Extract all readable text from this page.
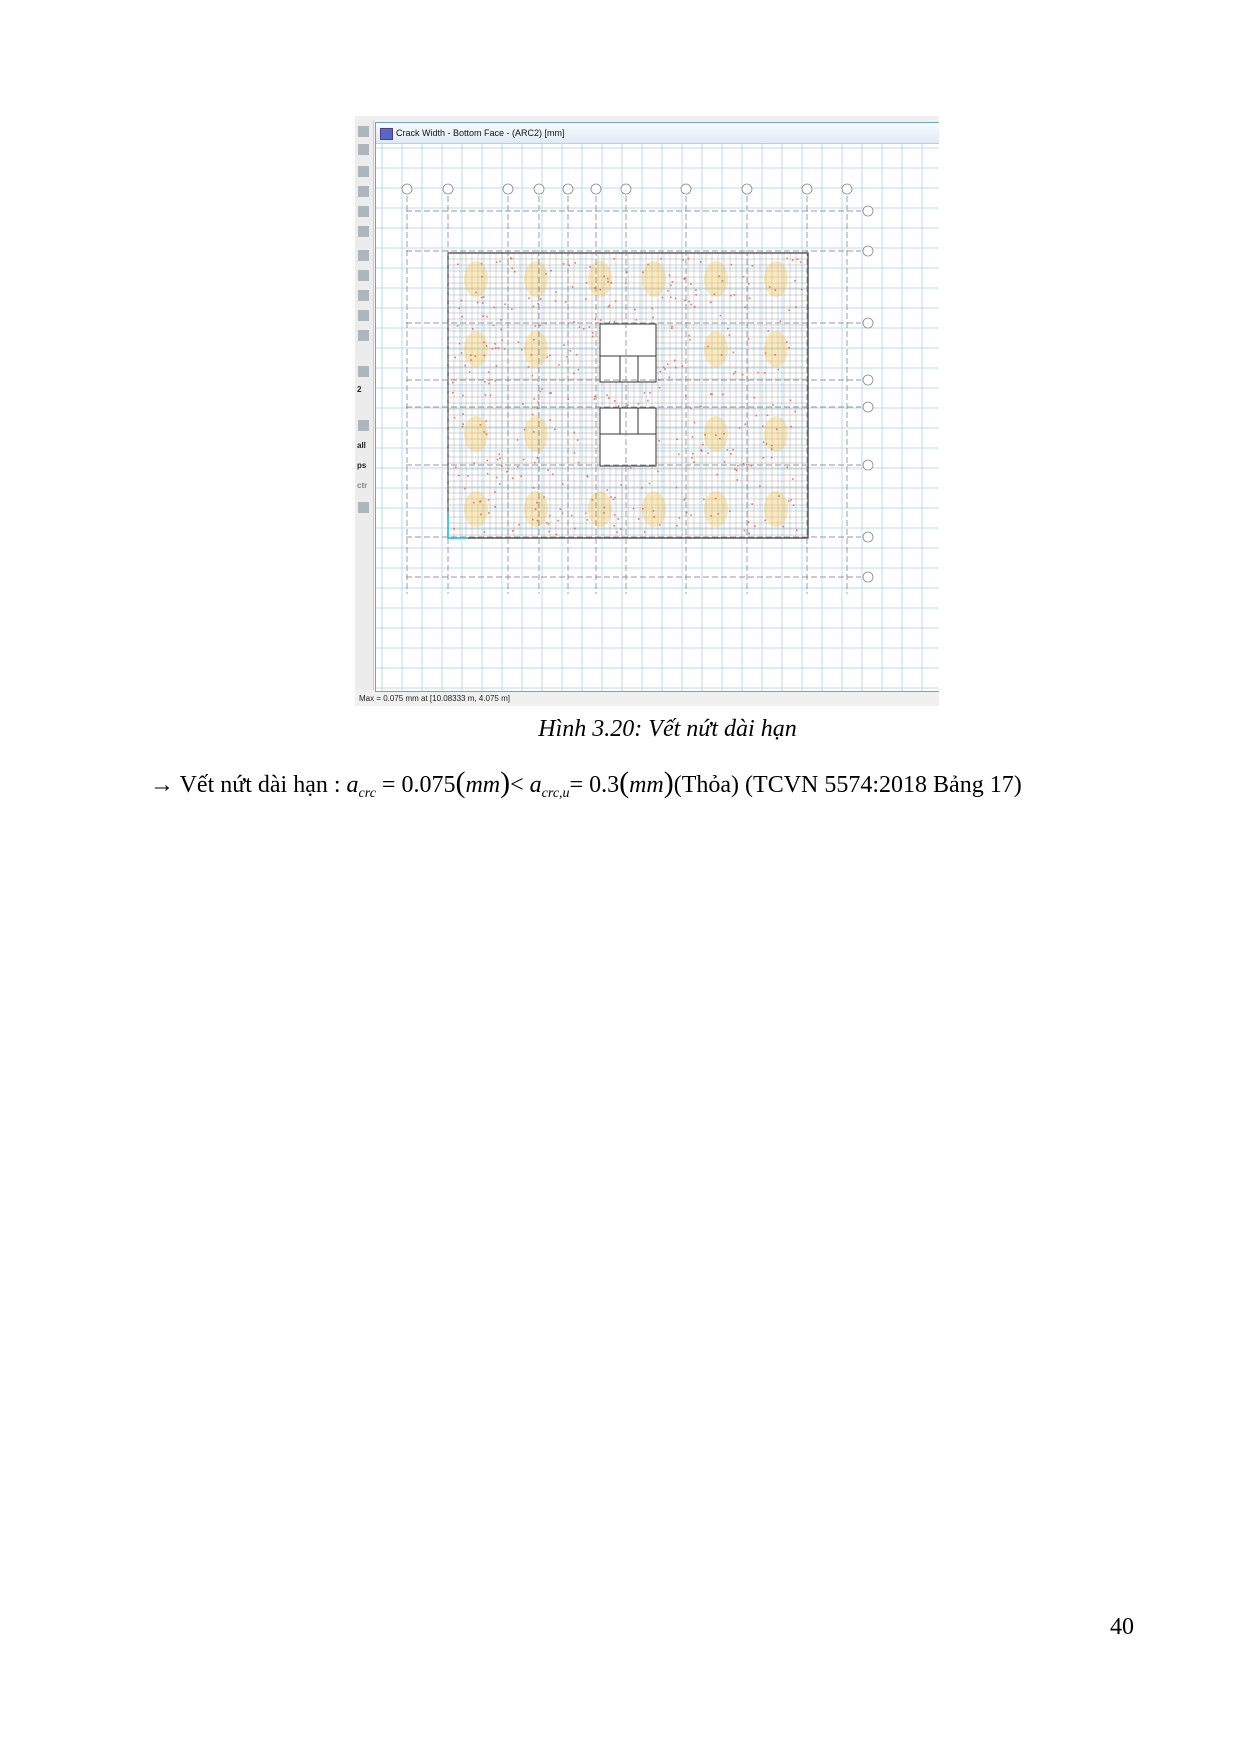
2
all
ps
ctr
Crack Width - Bottom Face - (ARC2) [mm]
Max = 0.075 mm at [10.08333 m, 4.075 m]
Hình 3.20: Vết nứt dài hạn
→ Vết nứt dài hạn : $a_{crc} = 0.075(mm)< a_{crc,u}=$ 0.3(mm)(Thỏa) (TCVN 5574:2018 Bảng 17)
40
